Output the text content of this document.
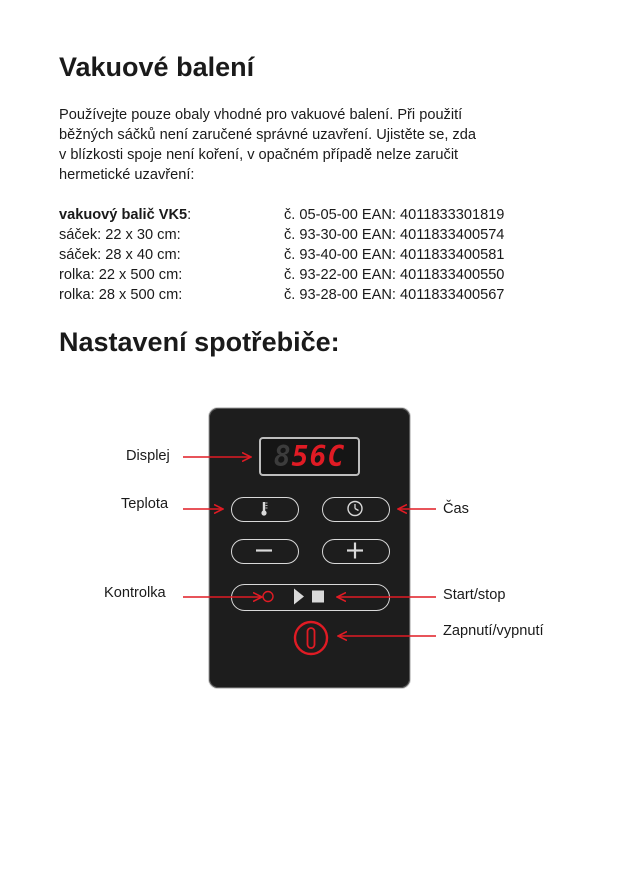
Vakuové balení
Používejte pouze obaly vhodné pro vakuové balení. Při použití
běžných sáčků není zaručené správné uzavření. Ujistěte se, zda
v blízkosti spoje není koření, v opačném případě nelze zaručit
hermetické uzavření:
vakuový balič VK5:	č. 05-05-00 EAN: 4011833301819
sáček: 22 x 30 cm:	č. 93-30-00 EAN: 4011833400574
sáček: 28 x 40 cm:	č. 93-40-00 EAN: 4011833400581
rolka: 22 x 500 cm:	č. 93-22-00 EAN: 4011833400550
rolka: 28 x 500 cm:	č. 93-28-00 EAN: 4011833400567
Nastavení spotřebiče:
856C
Displej
Teplota	Čas
Kontrolka	Start/stop
Zapnutí/vypnutí
